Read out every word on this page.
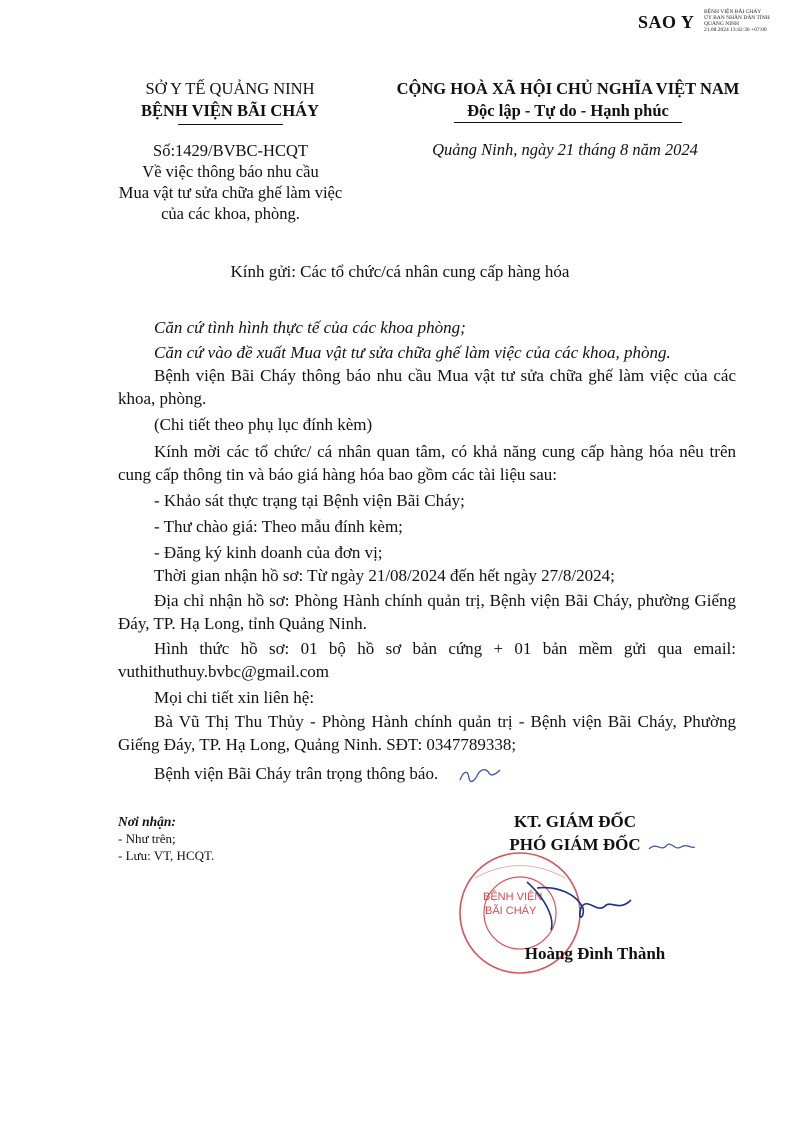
SAO Y BỆNH VIỆN BÃI CHÁY
ỦY BAN NHÂN DÂN TỈNH
QUẢNG NINH
21.08.2024 13:42:30 +07:00
SỞ Y TẾ QUẢNG NINH
BỆNH VIỆN BÃI CHÁY
CỘNG HOÀ XÃ HỘI CHỦ NGHĨA VIỆT NAM
Độc lập - Tự do - Hạnh phúc
Số:1429/BVBC-HCQT
Về việc thông báo nhu cầu
Mua vật tư sửa chữa ghế làm việc
của các khoa, phòng.
Quảng Ninh, ngày 21 tháng 8 năm 2024
Kính gửi: Các tổ chức/cá nhân cung cấp hàng hóa
Căn cứ tình hình thực tế của các khoa phòng;
Căn cứ vào đề xuất Mua vật tư sửa chữa ghế làm việc của các khoa, phòng.
Bệnh viện Bãi Cháy thông báo nhu cầu Mua vật tư sửa chữa ghế làm việc của các khoa, phòng.
(Chi tiết theo phụ lục đính kèm)
Kính mời các tổ chức/ cá nhân quan tâm, có khả năng cung cấp hàng hóa nêu trên cung cấp thông tin và báo giá hàng hóa bao gồm các tài liệu sau:
- Khảo sát thực trạng tại Bệnh viện Bãi Cháy;
- Thư chào giá: Theo mẫu đính kèm;
- Đăng ký kinh doanh của đơn vị;
Thời gian nhận hồ sơ: Từ ngày 21/08/2024 đến hết ngày 27/8/2024;
Địa chỉ nhận hồ sơ: Phòng Hành chính quản trị, Bệnh viện Bãi Cháy, phường Giếng Đáy, TP. Hạ Long, tỉnh Quảng Ninh.
Hình thức hồ sơ: 01 bộ hồ sơ bản cứng + 01 bản mềm gửi qua email: vuthithuthuy.bvbc@gmail.com
Mọi chi tiết xin liên hệ:
Bà Vũ Thị Thu Thủy - Phòng Hành chính quản trị - Bệnh viện Bãi Cháy, Phường Giếng Đáy, TP. Hạ Long, Quảng Ninh. SĐT: 0347789338;
Bệnh viện Bãi Cháy trân trọng thông báo.
Nơi nhận:
- Như trên;
- Lưu: VT, HCQT.
BỆNH VIỆN
BÃI CHÁY
KT. GIÁM ĐỐC
PHÓ GIÁM ĐỐC
Hoàng Đình Thành
